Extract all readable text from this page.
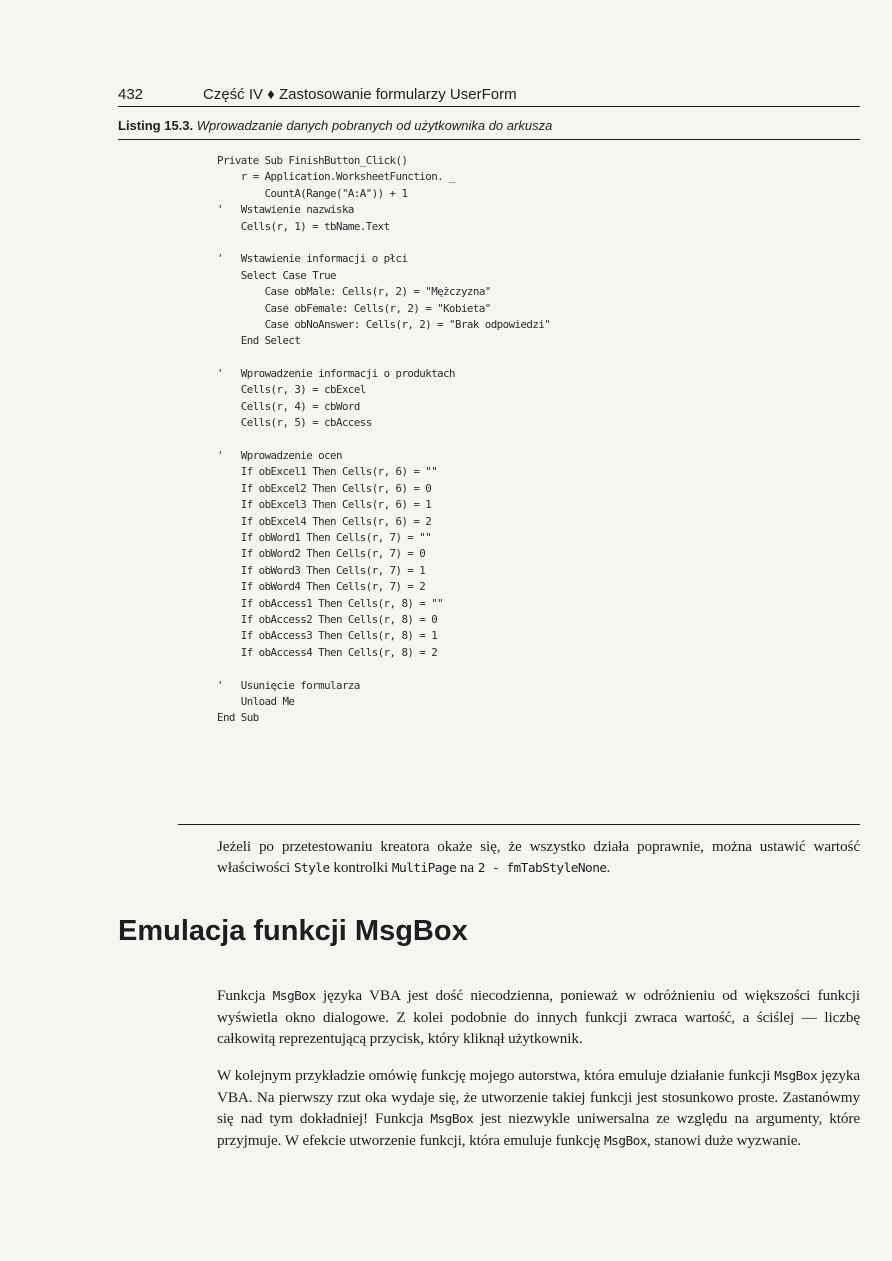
432	Część IV ♦ Zastosowanie formularzy UserForm
Listing 15.3. Wprowadzanie danych pobranych od użytkownika do arkusza
Private Sub FinishButton_Click()
r = Application.WorksheetFunction. _
CountA(Range("A:A")) + 1
'   Wstawienie nazwiska
Cells(r, 1) = tbName.Text

'   Wstawienie informacji o płci
Select Case True
Case obMale: Cells(r, 2) = "Mężczyzna"
Case obFemale: Cells(r, 2) = "Kobieta"
Case obNoAnswer: Cells(r, 2) = "Brak odpowiedzi"
End Select

'   Wprowadzenie informacji o produktach
Cells(r, 3) = cbExcel
Cells(r, 4) = cbWord
Cells(r, 5) = cbAccess

'   Wprowadzenie ocen
If obExcel1 Then Cells(r, 6) = ""
If obExcel2 Then Cells(r, 6) = 0
If obExcel3 Then Cells(r, 6) = 1
If obExcel4 Then Cells(r, 6) = 2
If obWord1 Then Cells(r, 7) = ""
If obWord2 Then Cells(r, 7) = 0
If obWord3 Then Cells(r, 7) = 1
If obWord4 Then Cells(r, 7) = 2
If obAccess1 Then Cells(r, 8) = ""
If obAccess2 Then Cells(r, 8) = 0
If obAccess3 Then Cells(r, 8) = 1
If obAccess4 Then Cells(r, 8) = 2

'   Usunięcie formularza
Unload Me
End Sub

Jeżeli po przetestowaniu kreatora okaże się, że wszystko działa poprawnie, można ustawić wartość właściwości Style kontrolki MultiPage na 2 - fmTabStyleNone.

Emulacja funkcji MsgBox

Funkcja MsgBox języka VBA jest dość niecodzienna, ponieważ w odróżnieniu od większości funkcji wyświetla okno dialogowe. Z kolei podobnie do innych funkcji zwraca wartość, a ściślej — liczbę całkowitą reprezentującą przycisk, który kliknął użytkownik.

W kolejnym przykładzie omówię funkcję mojego autorstwa, która emuluje działanie funkcji MsgBox języka VBA. Na pierwszy rzut oka wydaje się, że utworzenie takiej funkcji jest stosunkowo proste. Zastanówmy się nad tym dokładniej! Funkcja MsgBox jest niezwykle uniwersalna ze względu na argumenty, które przyjmuje. W efekcie utworzenie funkcji, która emuluje funkcję MsgBox, stanowi duże wyzwanie.
